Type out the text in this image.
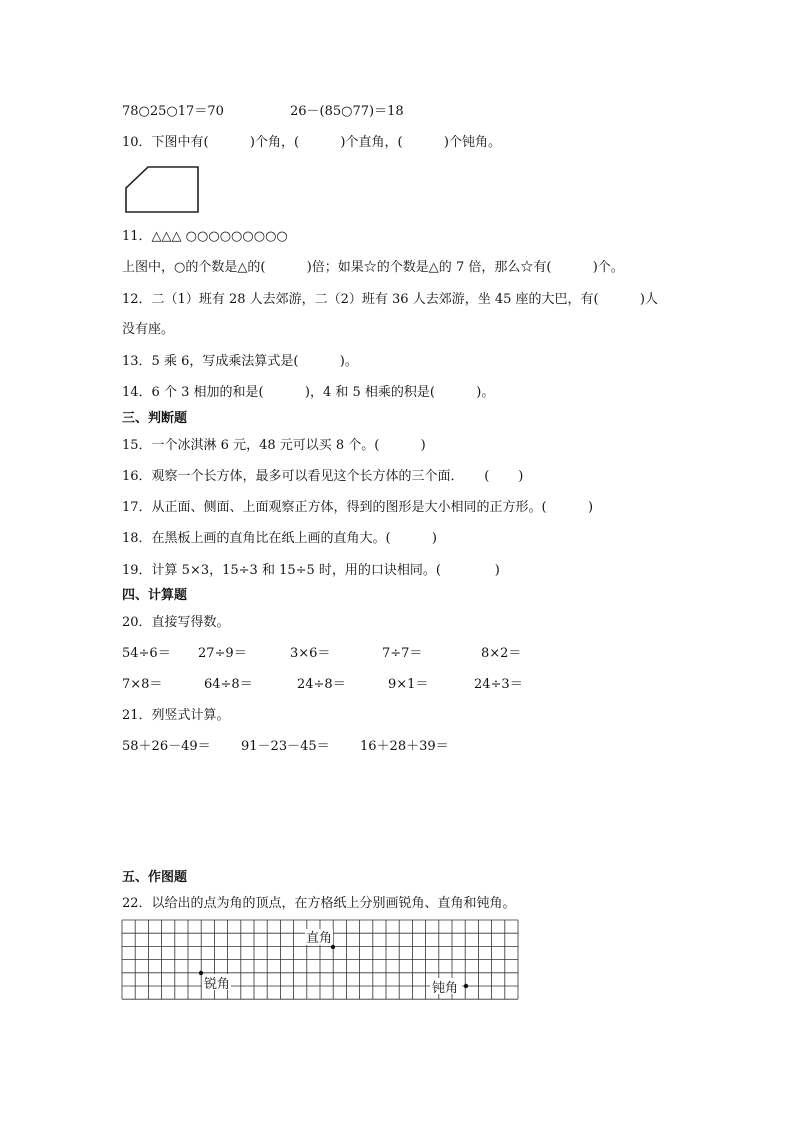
78○25○17＝70	26－(85○77)＝18
10．下图中有(          )个角，(          )个直角，(          )个钝角。
11．△△△ ○○○○○○○○○
上图中，○的个数是△的(          )倍；如果☆的个数是△的 7 倍，那么☆有(          )个。
12．二（1）班有 28 人去郊游，二（2）班有 36 人去郊游，坐 45 座的大巴，有(          )人
没有座。
13．5 乘 6，写成乘法算式是(          )。
14．6 个 3 相加的和是(          )，4 和 5 相乘的积是(          )。
三、判断题
15．一个冰淇淋 6 元，48 元可以买 8 个。(          )
16．观察一个长方体，最多可以看见这个长方体的三个面．     (       )
17．从正面、侧面、上面观察正方体，得到的图形是大小相同的正方形。(          )
18．在黑板上画的直角比在纸上画的直角大。(          )
19．计算 5×3，15÷3 和 15÷5 时，用的口诀相同。(             )
四、计算题
20．直接写得数。
54÷6＝ 27÷9＝	3×6＝	7÷7＝	8×2＝
7×8＝	64÷8＝	24÷8＝	9×1＝	24÷3＝
21．列竖式计算。
58＋26－49＝ 91－23－45＝ 16＋28＋39＝
五、作图题
22．以给出的点为角的顶点，在方格纸上分别画锐角、直角和钝角。
直角
锐角	钝角
